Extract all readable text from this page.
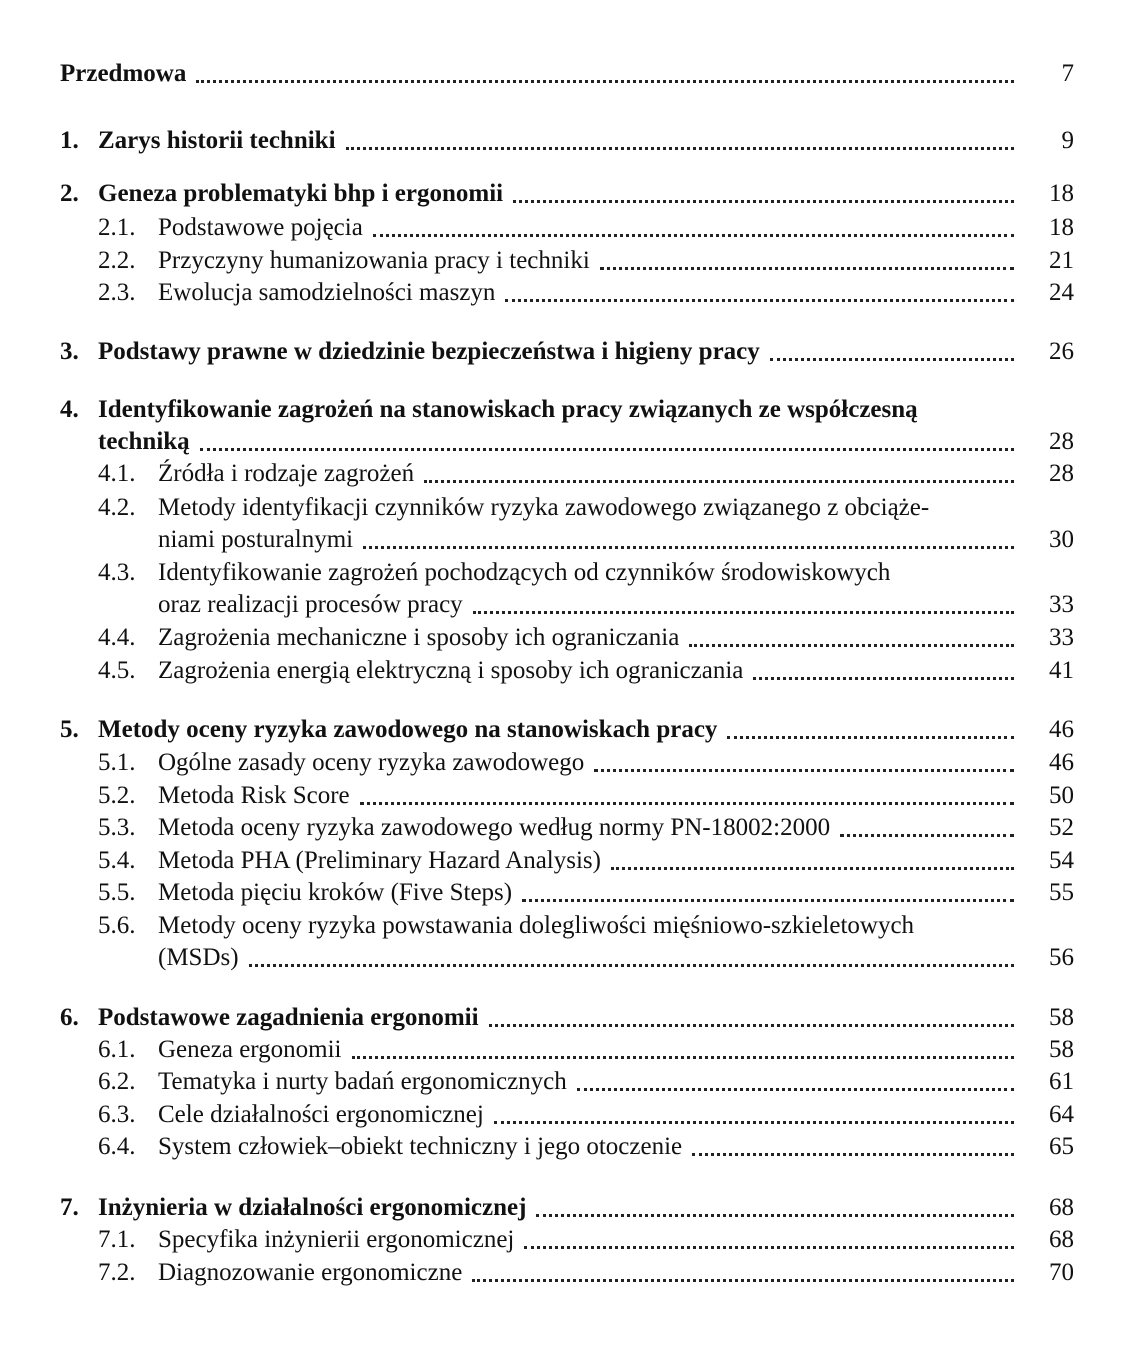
Przedmowa	7
1. Zarys historii techniki	9
2. Geneza problematyki bhp i ergonomii	18
2.1. Podstawowe pojęcia	18
2.2. Przyczyny humanizowania pracy i techniki	21
2.3. Ewolucja samodzielności maszyn	24
3. Podstawy prawne w dziedzinie bezpieczeństwa i higieny pracy	26
4. Identyfikowanie zagrożeń na stanowiskach pracy związanych ze współczesną
techniką	28
4.1. Źródła i rodzaje zagrożeń	28
4.2. Metody identyfikacji czynników ryzyka zawodowego związanego z obciąże-
niami posturalnymi	30
4.3. Identyfikowanie zagrożeń pochodzących od czynników środowiskowych
oraz realizacji procesów pracy	33
4.4. Zagrożenia mechaniczne i sposoby ich ograniczania	33
4.5. Zagrożenia energią elektryczną i sposoby ich ograniczania	41
5. Metody oceny ryzyka zawodowego na stanowiskach pracy	46
5.1. Ogólne zasady oceny ryzyka zawodowego	46
5.2. Metoda Risk Score	50
5.3. Metoda oceny ryzyka zawodowego według normy PN-18002:2000	52
5.4. Metoda PHA (Preliminary Hazard Analysis)	54
5.5. Metoda pięciu kroków (Five Steps)	55
5.6. Metody oceny ryzyka powstawania dolegliwości mięśniowo-szkieletowych
(MSDs)	56
6. Podstawowe zagadnienia ergonomii	58
6.1. Geneza ergonomii	58
6.2. Tematyka i nurty badań ergonomicznych	61
6.3. Cele działalności ergonomicznej	64
6.4. System człowiek–obiekt techniczny i jego otoczenie	65
7. Inżynieria w działalności ergonomicznej	68
7.1. Specyfika inżynierii ergonomicznej	68
7.2. Diagnozowanie ergonomiczne	70
